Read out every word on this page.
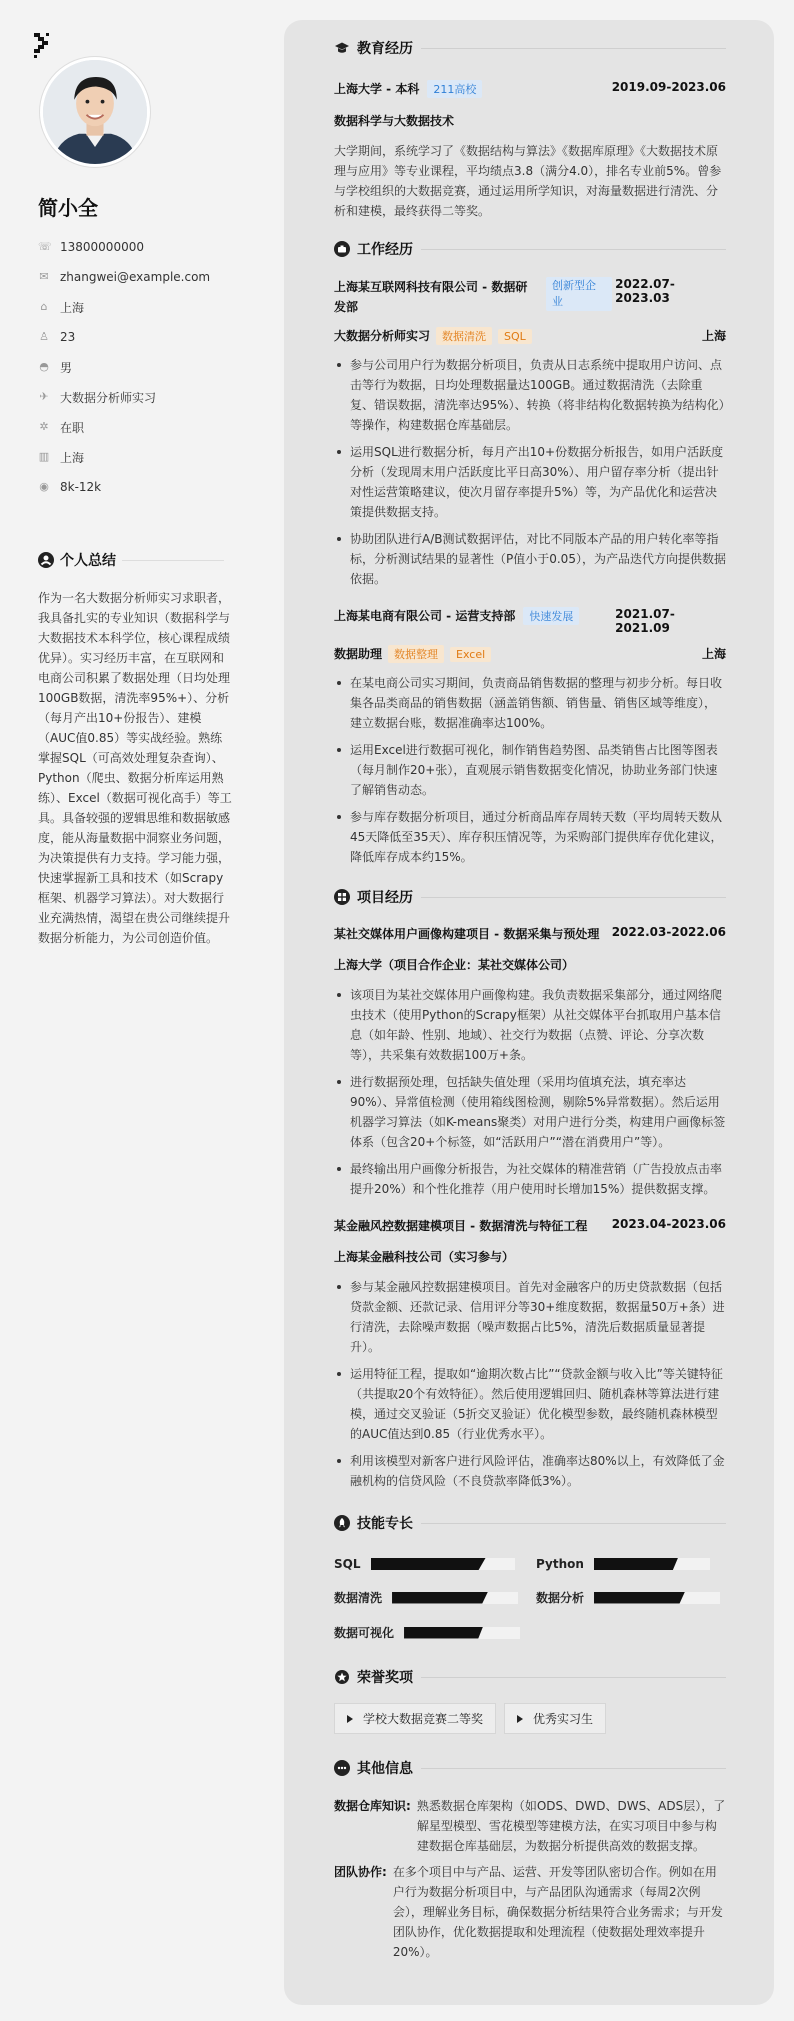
简小全
☏ 13800000000
✉ zhangwei@example.com
⌂ 上海
♙ 23
◓ 男
✈ 大数据分析师实习
✲ 在职
▥ 上海
◉ 8k-12k
个人总结
作为一名大数据分析师实习求职者，我具备扎实的专业知识（数据科学与大数据技术本科学位，核心课程成绩优异）。实习经历丰富，在互联网和电商公司积累了数据处理（日均处理100GB数据，清洗率95%+）、分析（每月产出10+份报告）、建模（AUC值0.85）等实战经验。熟练掌握SQL（可高效处理复杂查询）、Python（爬虫、数据分析库运用熟练）、Excel（数据可视化高手）等工具。具备较强的逻辑思维和数据敏感度，能从海量数据中洞察业务问题，为决策提供有力支持。学习能力强，快速掌握新工具和技术（如Scrapy框架、机器学习算法）。对大数据行业充满热情，渴望在贵公司继续提升数据分析能力，为公司创造价值。
教育经历
上海大学 - 本科 211高校	2019.09-2023.06
数据科学与大数据技术
大学期间，系统学习了《数据结构与算法》《数据库原理》《大数据技术原理与应用》等专业课程，平均绩点3.8（满分4.0），排名专业前5%。曾参与学校组织的大数据竞赛，通过运用所学知识，对海量数据进行清洗、分析和建模，最终获得二等奖。
工作经历
上海某互联网科技有限公司 - 数据研发部
创新型企业
2022.07-2023.03
大数据分析师实习 数据清洗 SQL	上海
参与公司用户行为数据分析项目，负责从日志系统中提取用户访问、点击等行为数据，日均处理数据量达100GB。通过数据清洗（去除重复、错误数据，清洗率达95%）、转换（将非结构化数据转换为结构化）等操作，构建数据仓库基础层。
运用SQL进行数据分析，每月产出10+份数据分析报告，如用户活跃度分析（发现周末用户活跃度比平日高30%）、用户留存率分析（提出针对性运营策略建议，使次月留存率提升5%）等，为产品优化和运营决策提供数据支持。
协助团队进行A/B测试数据评估，对比不同版本产品的用户转化率等指标，分析测试结果的显著性（P值小于0.05），为产品迭代方向提供数据依据。
上海某电商有限公司 - 运营支持部	快速发展	2021.07-2021.09
数据助理 数据整理 Excel	上海
在某电商公司实习期间，负责商品销售数据的整理与初步分析。每日收集各品类商品的销售数据（涵盖销售额、销售量、销售区域等维度），建立数据台账，数据准确率达100%。
运用Excel进行数据可视化，制作销售趋势图、品类销售占比图等图表（每月制作20+张），直观展示销售数据变化情况，协助业务部门快速了解销售动态。
参与库存数据分析项目，通过分析商品库存周转天数（平均周转天数从45天降低至35天）、库存积压情况等，为采购部门提供库存优化建议，降低库存成本约15%。
项目经历
某社交媒体用户画像构建项目 - 数据采集与预处理 2022.03-2022.06
上海大学（项目合作企业：某社交媒体公司）
该项目为某社交媒体用户画像构建。我负责数据采集部分，通过网络爬虫技术（使用Python的Scrapy框架）从社交媒体平台抓取用户基本信息（如年龄、性别、地域）、社交行为数据（点赞、评论、分享次数等），共采集有效数据100万+条。
进行数据预处理，包括缺失值处理（采用均值填充法，填充率达90%）、异常值检测（使用箱线图检测，剔除5%异常数据）。然后运用机器学习算法（如K-means聚类）对用户进行分类，构建用户画像标签体系（包含20+个标签，如“活跃用户”“潜在消费用户”等）。
最终输出用户画像分析报告，为社交媒体的精准营销（广告投放点击率提升20%）和个性化推荐（用户使用时长增加15%）提供数据支撑。
某金融风控数据建模项目 - 数据清洗与特征工程 2023.04-2023.06
上海某金融科技公司（实习参与）
参与某金融风控数据建模项目。首先对金融客户的历史贷款数据（包括贷款金额、还款记录、信用评分等30+维度数据，数据量50万+条）进行清洗，去除噪声数据（噪声数据占比5%，清洗后数据质量显著提升）。
运用特征工程，提取如“逾期次数占比”“贷款金额与收入比”等关键特征（共提取20个有效特征）。然后使用逻辑回归、随机森林等算法进行建模，通过交叉验证（5折交叉验证）优化模型参数，最终随机森林模型的AUC值达到0.85（行业优秀水平）。
利用该模型对新客户进行风险评估，准确率达80%以上，有效降低了金融机构的信贷风险（不良贷款率降低3%）。
技能专长
SQL	Python
数据清洗	数据分析
数据可视化
荣誉奖项
学校大数据竞赛二等奖	优秀实习生
其他信息
数据仓库知识: 熟悉数据仓库架构（如ODS、DWD、DWS、ADS层），了解星型模型、雪花模型等建模方法，在实习项目中参与构建数据仓库基础层，为数据分析提供高效的数据支撑。
团队协作: 在多个项目中与产品、运营、开发等团队密切合作。例如在用户行为数据分析项目中，与产品团队沟通需求（每周2次例会），理解业务目标，确保数据分析结果符合业务需求；与开发团队协作，优化数据提取和处理流程（使数据处理效率提升20%）。
